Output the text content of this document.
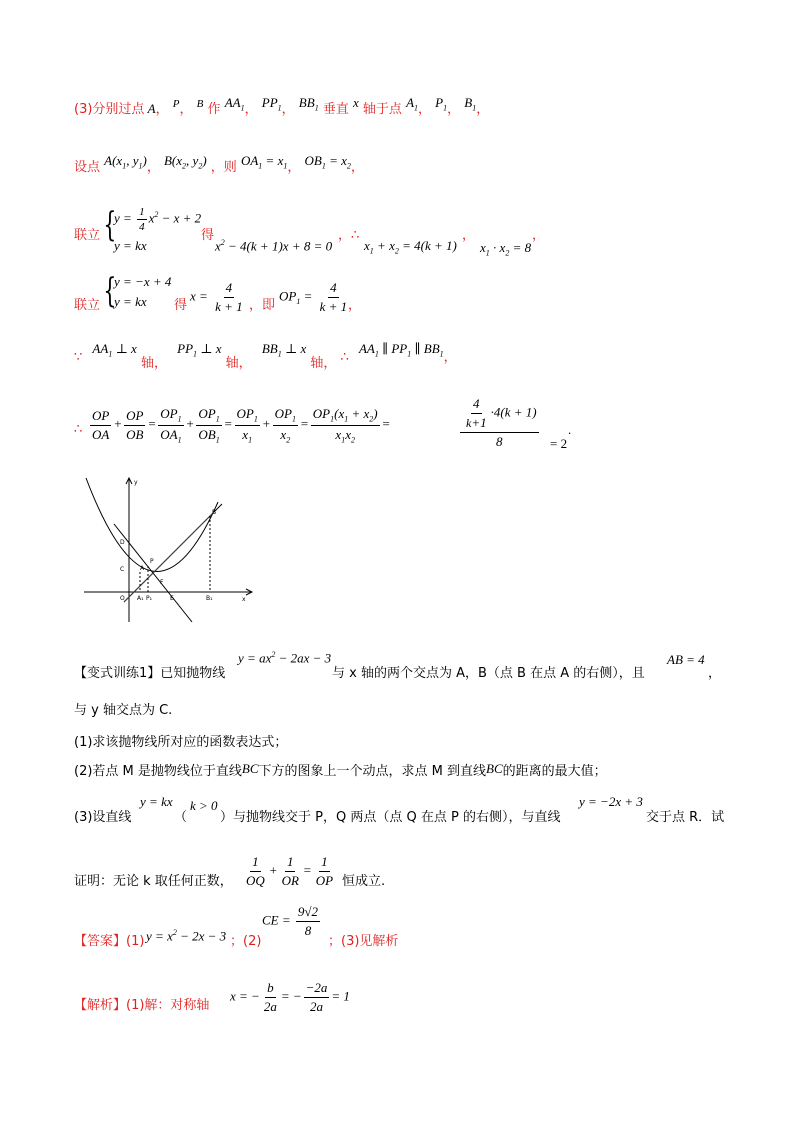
(3)分别过点 A， $^P$， $^B$ 作 $AA_1$， $PP_1$， $BB_1$ 垂直 x 轴于点 $A_1$， $P_1$， $B_1$，
设点 $A(x_1$, $y_1$)， $B(x_2$, $y_2$) ，则 $OA_1 = x_1$， $OB_1 = x_2$，
联立 {
$y = \frac{1}{4} x^2 - x + 2$
y = kx
得
$x^2 - 4(k + 1)x + 8 = 0$
，∴
$x_1 + x_2 = 4(k + 1)$
，
$x_1 \cdot x_2 = 8$
，
联立 {
y = −x + 4
y = kx 得
$x = \frac{4}{k + 1}$ ，即
$OP_1 = \frac{4}{k + 1}$
，
∵ $AA_1$ ⊥ x 轴， $PP_1$ ⊥ x 轴， $BB_1$ ⊥ x 轴， ∴ $AA_1$ ∥ $PP_1$ ∥ $BB_1$，
∴ $\frac{OP}{OA} + \frac{OP}{OB} = \frac{OP_1}{OA_1} + \frac{OP_1}{OB_1} = \frac{OP_1}{x_1} + \frac{OP_1}{x_2} = \frac{OP_1(x_1 + x_2)}{x_1x_2}$ =	$\frac{\frac{4}{k+1} \cdot 4(k + 1)}{8} = 2$
.
y
x
B
D
C	A
P
F
E
O A₁ P₁	B₁
【变式训练1】已知抛物线
$y = ax^2 - 2ax - 3$
与 x 轴的两个交点为 A，B（点 B 在点 A 的右侧），且
AB = 4
，
与 y 轴交点为 C.
(1)求该抛物线所对应的函数表达式；
(2)若点 M 是抛物线位于直线BC下方的图象上一个动点，求点 M 到直线BC的距离的最大值；
(3)设直线
y = kx
（
k > 0
）与抛物线交于 P，Q 两点（点 Q 在点 P 的右侧），与直线
y = −2x + 3
交于点 R．试
证明：无论 k 取任何正数， $\frac{1}{OQ} + \frac{1}{OR} = \frac{1}{OP}$ 恒成立.
【答案】(1) $y = x^2 - 2x - 3$ ；(2)
CE = $\frac{9√2}{8}$
；(3)见解析
【解析】(1)解：对称轴
x = − $\frac{b}{2a}$ = − $\frac{-2a}{2a} = 1$
